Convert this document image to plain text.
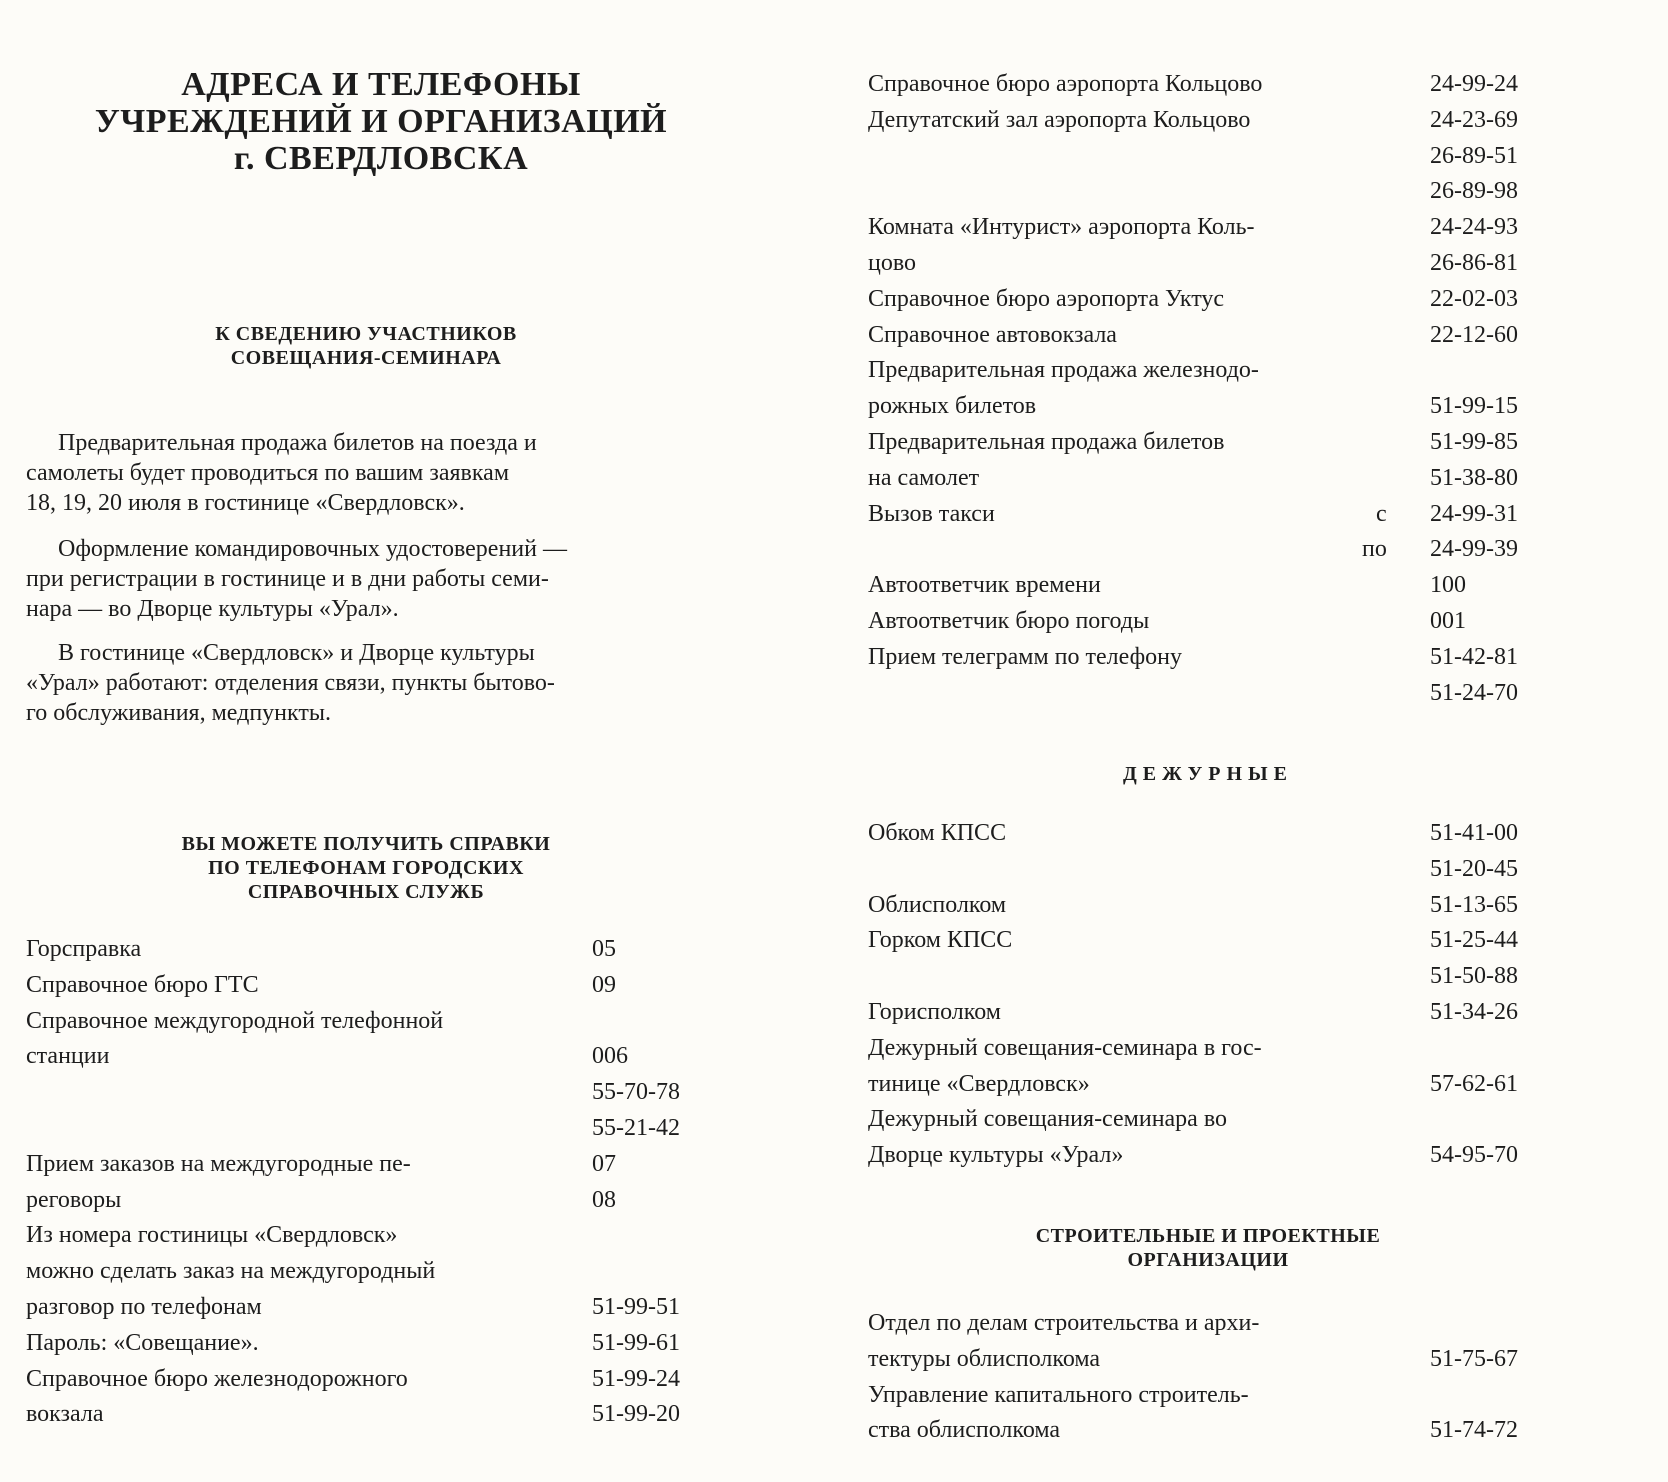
АДРЕСА И ТЕЛЕФОНЫ
УЧРЕЖДЕНИЙ И ОРГАНИЗАЦИЙ
г. СВЕРДЛОВСКА
К СВЕДЕНИЮ УЧАСТНИКОВ
СОВЕЩАНИЯ-СЕМИНАРА
Предварительная продажа билетов на поезда и
самолеты будет проводиться по вашим заявкам
18, 19, 20 июля в гостинице «Свердловск».
Оформление командировочных удостоверений —
при регистрации в гостинице и в дни работы семи-
нара — во Дворце культуры «Урал».
В гостинице «Свердловск» и Дворце культуры
«Урал» работают: отделения связи, пункты бытово-
го обслуживания, медпункты.
ВЫ МОЖЕТЕ ПОЛУЧИТЬ СПРАВКИ
ПО ТЕЛЕФОНАМ ГОРОДСКИХ
СПРАВОЧНЫХ СЛУЖБ
Горсправка	05
Справочное бюро ГТС	09
Справочное междугородной телефонной
станции	006
55-70-78
55-21-42
Прием заказов на междугородные пе-	07
реговоры	08
Из номера гостиницы «Свердловск»
можно сделать заказ на междугородный
разговор по телефонам	51-99-51
Пароль: «Совещание».	51-99-61
Справочное бюро железнодорожного	51-99-24
вокзала	51-99-20
Справочное бюро аэропорта Кольцово	24-99-24
Депутатский зал аэропорта Кольцово	24-23-69
26-89-51
26-89-98
Комната «Интурист» аэропорта Коль-	24-24-93
цово	26-86-81
Справочное бюро аэропорта Уктус	22-02-03
Справочное автовокзала	22-12-60
Предварительная продажа железнодо-
рожных билетов	51-99-15
Предварительная продажа билетов	51-99-85
на самолет	51-38-80
Вызов такси	с 24-99-31
по 24-99-39
Автоответчик времени	100
Автоответчик бюро погоды	001
Прием телеграмм по телефону	51-42-81
51-24-70
ДЕЖУРНЫЕ
Обком КПСС	51-41-00
51-20-45
Облисполком	51-13-65
Горком КПСС	51-25-44
51-50-88
Горисполком	51-34-26
Дежурный совещания-семинара в гос-
тинице «Свердловск»	57-62-61
Дежурный совещания-семинара во
Дворце культуры «Урал»	54-95-70
СТРОИТЕЛЬНЫЕ И ПРОЕКТНЫЕ
ОРГАНИЗАЦИИ
Отдел по делам строительства и архи-
тектуры облисполкома	51-75-67
Управление капитального строитель-
ства облисполкома	51-74-72
